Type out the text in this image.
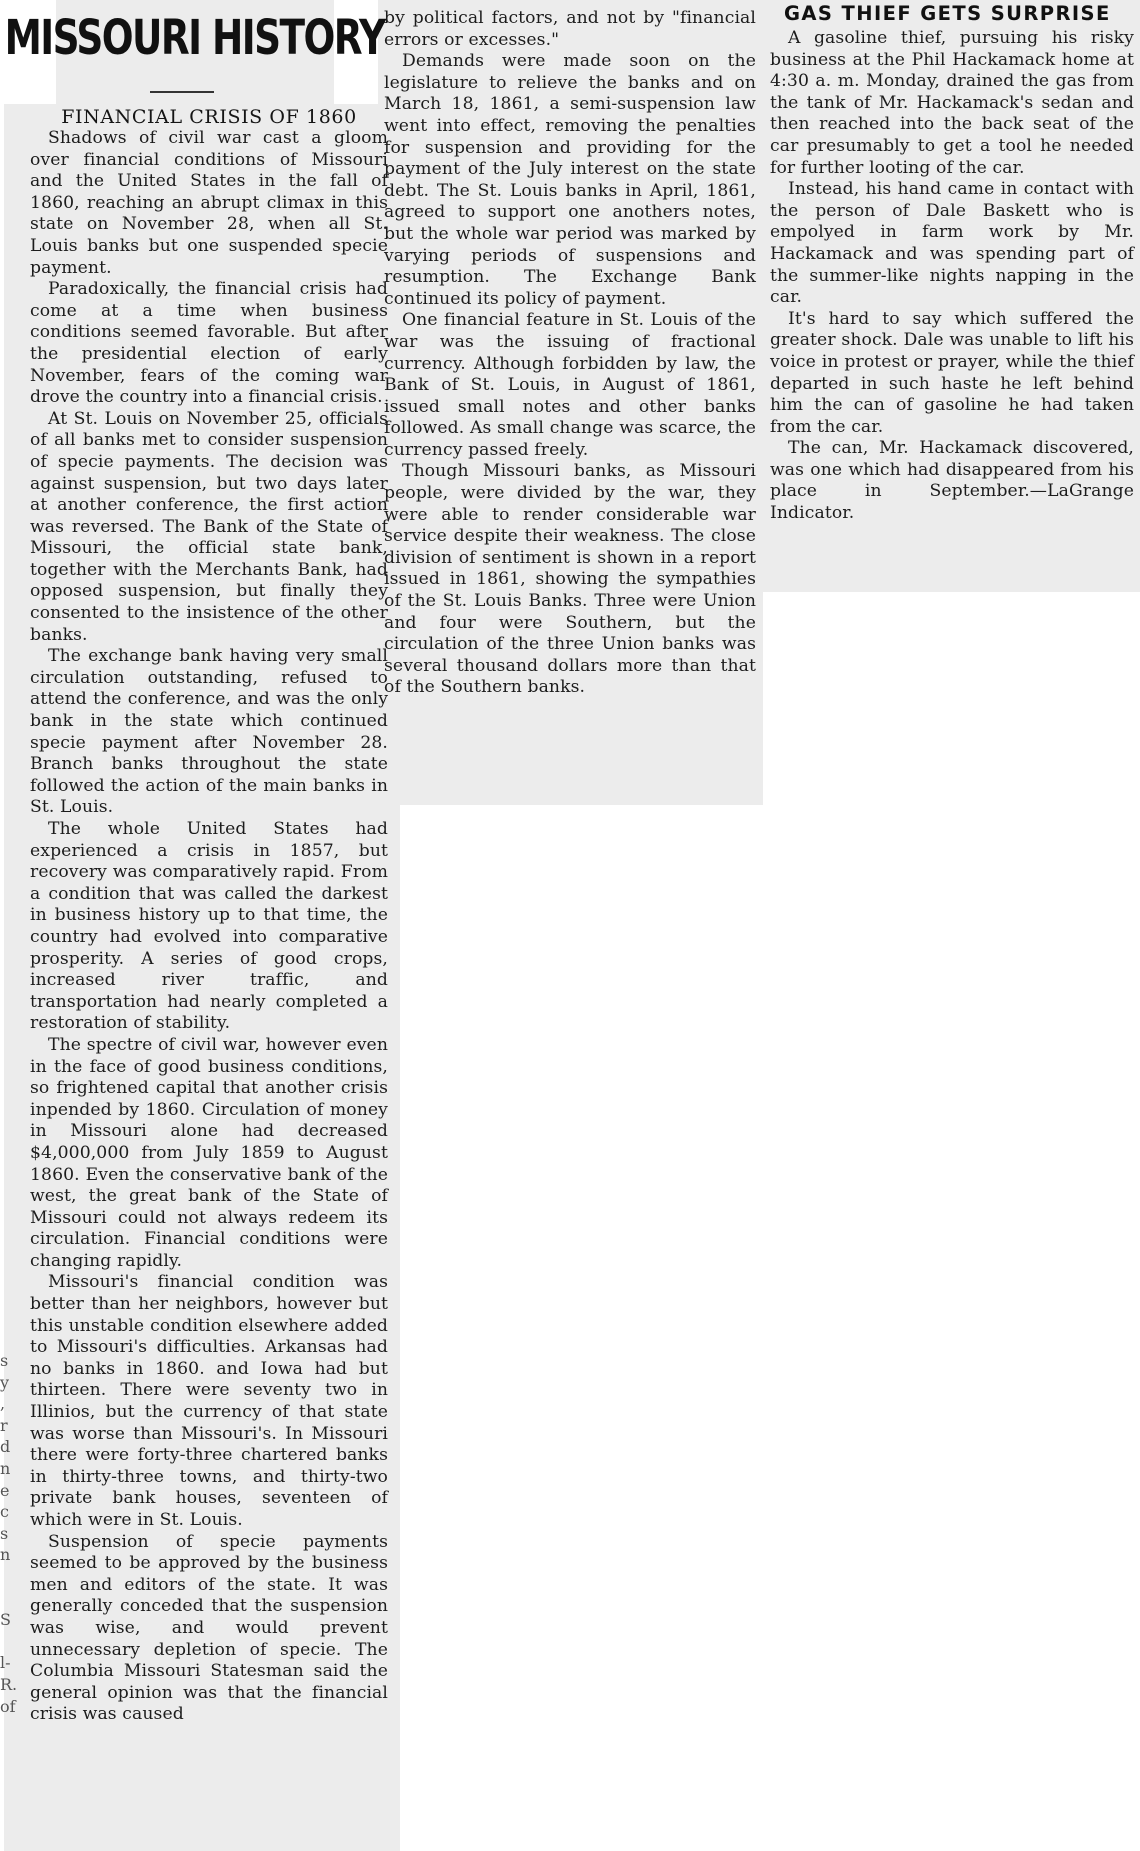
MISSOURI HISTORY
FINANCIAL CRISIS OF 1860

Shadows of civil war cast a gloom over financial conditions of Missouri and the United States in the fall of 1860, reaching an abrupt climax in this state on November 28, when all St. Louis banks but one suspended specie payment.

Paradoxically, the financial crisis had come at a time when business conditions seemed favorable. But after the presidential election of early November, fears of the coming war drove the country into a financial crisis.

At St. Louis on November 25, officials of all banks met to consider suspension of specie payments. The decision was against suspension, but two days later at another conference, the first action was reversed. The Bank of the State of Missouri, the official state bank, together with the Merchants Bank, had opposed suspension, but finally they consented to the insistence of the other banks.

The exchange bank having very small circulation outstanding, refused to attend the conference, and was the only bank in the state which continued specie payment after November 28. Branch banks throughout the state followed the action of the main banks in St. Louis.

The whole United States had experienced a crisis in 1857, but recovery was comparatively rapid. From a condition that was called the darkest in business history up to that time, the country had evolved into comparative prosperity. A series of good crops, increased river traffic, and transportation had nearly completed a restoration of stability.

The spectre of civil war, however even in the face of good business conditions, so frightened capital that another crisis inpended by 1860. Circulation of money in Missouri alone had decreased $4,000,000 from July 1859 to August 1860. Even the conservative bank of the west, the great bank of the State of Missouri could not always redeem its circulation. Financial conditions were changing rapidly.

Missouri's financial condition was better than her neighbors, however but this unstable condition elsewhere added to Missouri's difficulties. Arkansas had no banks in 1860. and Iowa had but thirteen. There were seventy two in Illinios, but the currency of that state was worse than Missouri's. In Missouri there were forty-three chartered banks in thirty-three towns, and thirty-two private bank houses, seventeen of which were in St. Louis.

Suspension of specie payments seemed to be approved by the business men and editors of the state. It was generally conceded that the suspension was wise, and would prevent unnecessary depletion of specie. The Columbia Missouri Statesman said the general opinion was that the financial crisis was caused

s
y
,
r
d
n
e
c
s
n
S
l-
R.
of

by political factors, and not by "financial errors or excesses."

Demands were made soon on the legislature to relieve the banks and on March 18, 1861, a semi-suspension law went into effect, removing the penalties for suspension and providing for the payment of the July interest on the state debt. The St. Louis banks in April, 1861, agreed to support one anothers notes, but the whole war period was marked by varying periods of suspensions and resumption. The Exchange Bank continued its policy of payment.

One financial feature in St. Louis of the war was the issuing of fractional currency. Although forbidden by law, the Bank of St. Louis, in August of 1861, issued small notes and other banks followed. As small change was scarce, the currency passed freely.

Though Missouri banks, as Missouri people, were divided by the war, they were able to render considerable war service despite their weakness. The close division of sentiment is shown in a report issued in 1861, showing the sympathies of the St. Louis Banks. Three were Union and four were Southern, but the circulation of the three Union banks was several thousand dollars more than that of the Southern banks.

GAS THIEF GETS SURPRISE

A gasoline thief, pursuing his risky business at the Phil Hackamack home at 4:30 a. m. Monday, drained the gas from the tank of Mr. Hackamack's sedan and then reached into the back seat of the car presumably to get a tool he needed for further looting of the car.

Instead, his hand came in contact with the person of Dale Baskett who is empolyed in farm work by Mr. Hackamack and was spending part of the summer-like nights napping in the car.

It's hard to say which suffered the greater shock. Dale was unable to lift his voice in protest or prayer, while the thief departed in such haste he left behind him the can of gasoline he had taken from the car.

The can, Mr. Hackamack discovered, was one which had disappeared from his place in September.—LaGrange Indicator.
